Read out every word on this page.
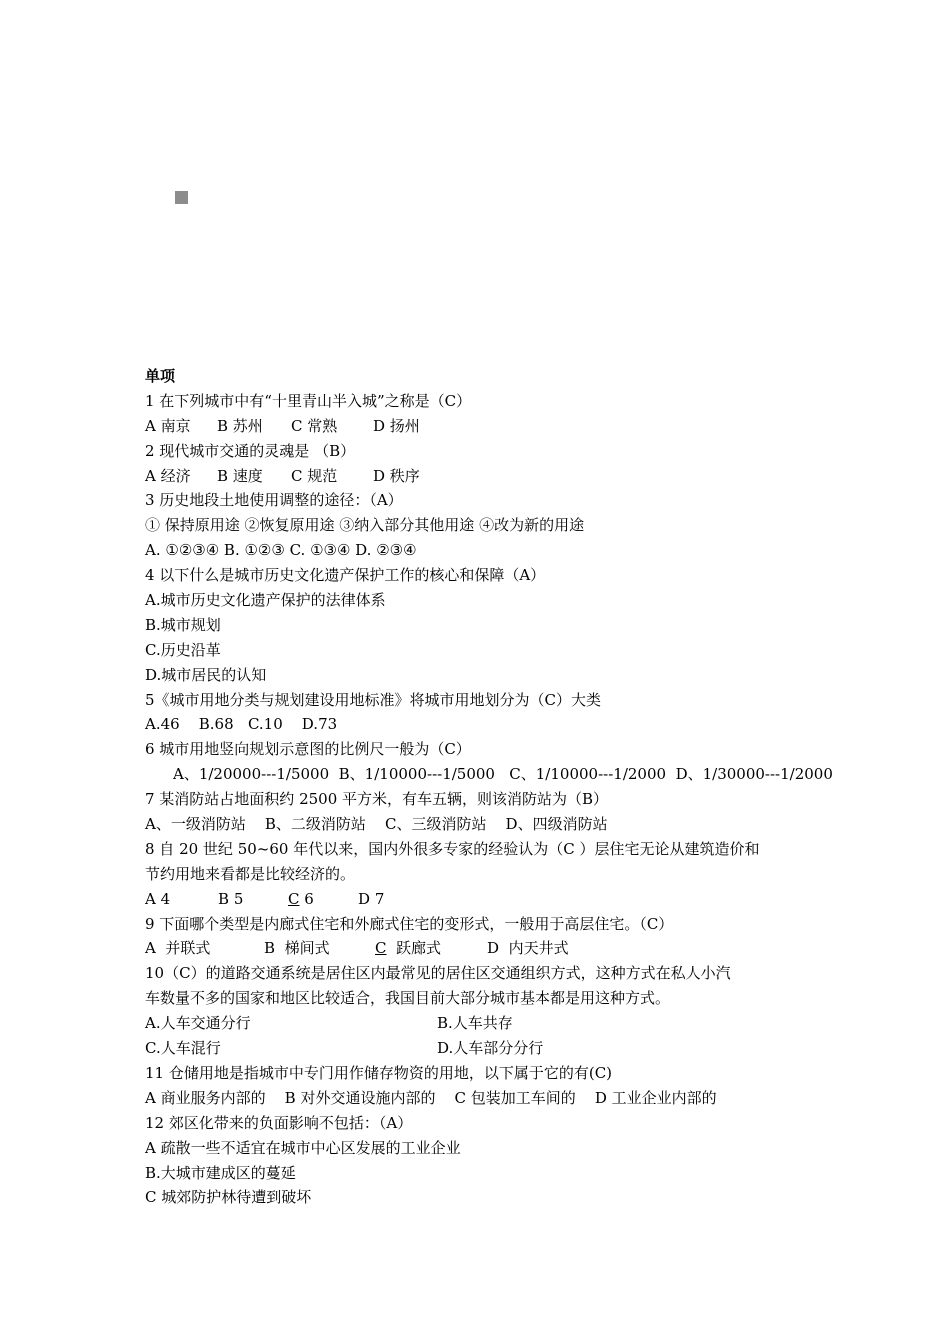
单项
1 在下列城市中有“十里青山半入城”之称是（C）
A 南京 B 苏州 C 常熟 D 扬州
2 现代城市交通的灵魂是 （B）
A 经济 B 速度 C 规范 D 秩序
3 历史地段土地使用调整的途径：（A）
① 保持原用途 ②恢复原用途 ③纳入部分其他用途 ④改为新的用途
A. ①②③④ B. ①②③ C. ①③④ D. ②③④
4 以下什么是城市历史文化遗产保护工作的核心和保障（A）
A.城市历史文化遗产保护的法律体系
B.城市规划
C.历史沿革
D.城市居民的认知
5《城市用地分类与规划建设用地标准》将城市用地划分为（C）大类
A.46    B.68   C.10    D.73
6 城市用地竖向规划示意图的比例尺一般为（C）
A、1/20000---1/5000  B、1/10000---1/5000   C、1/10000---1/2000  D、1/30000---1/2000
7 某消防站占地面积约 2500 平方米，有车五辆，则该消防站为（B）
A、一级消防站    B、二级消防站    C、三级消防站    D、四级消防站
8 自 20 世纪 50~60 年代以来，国内外很多专家的经验认为（C ）层住宅无论从建筑造价和
节约用地来看都是比较经济的。
A 4	B 5	C 6	D 7
9 下面哪个类型是内廊式住宅和外廊式住宅的变形式，一般用于高层住宅。（C）
A 并联式	B 梯间式	C 跃廊式	D 内天井式
10（C）的道路交通系统是居住区内最常见的居住区交通组织方式，这种方式在私人小汽
车数量不多的国家和地区比较适合，我国目前大部分城市基本都是用这种方式。
A.人车交通分行	B.人车共存
C.人车混行	D.人车部分分行
11 仓储用地是指城市中专门用作储存物资的用地，以下属于它的有(C)
A 商业服务内部的    B 对外交通设施内部的    C 包装加工车间的    D 工业企业内部的
12 郊区化带来的负面影响不包括：（A）
A 疏散一些不适宜在城市中心区发展的工业企业
B.大城市建成区的蔓延
C 城郊防护林待遭到破坏
